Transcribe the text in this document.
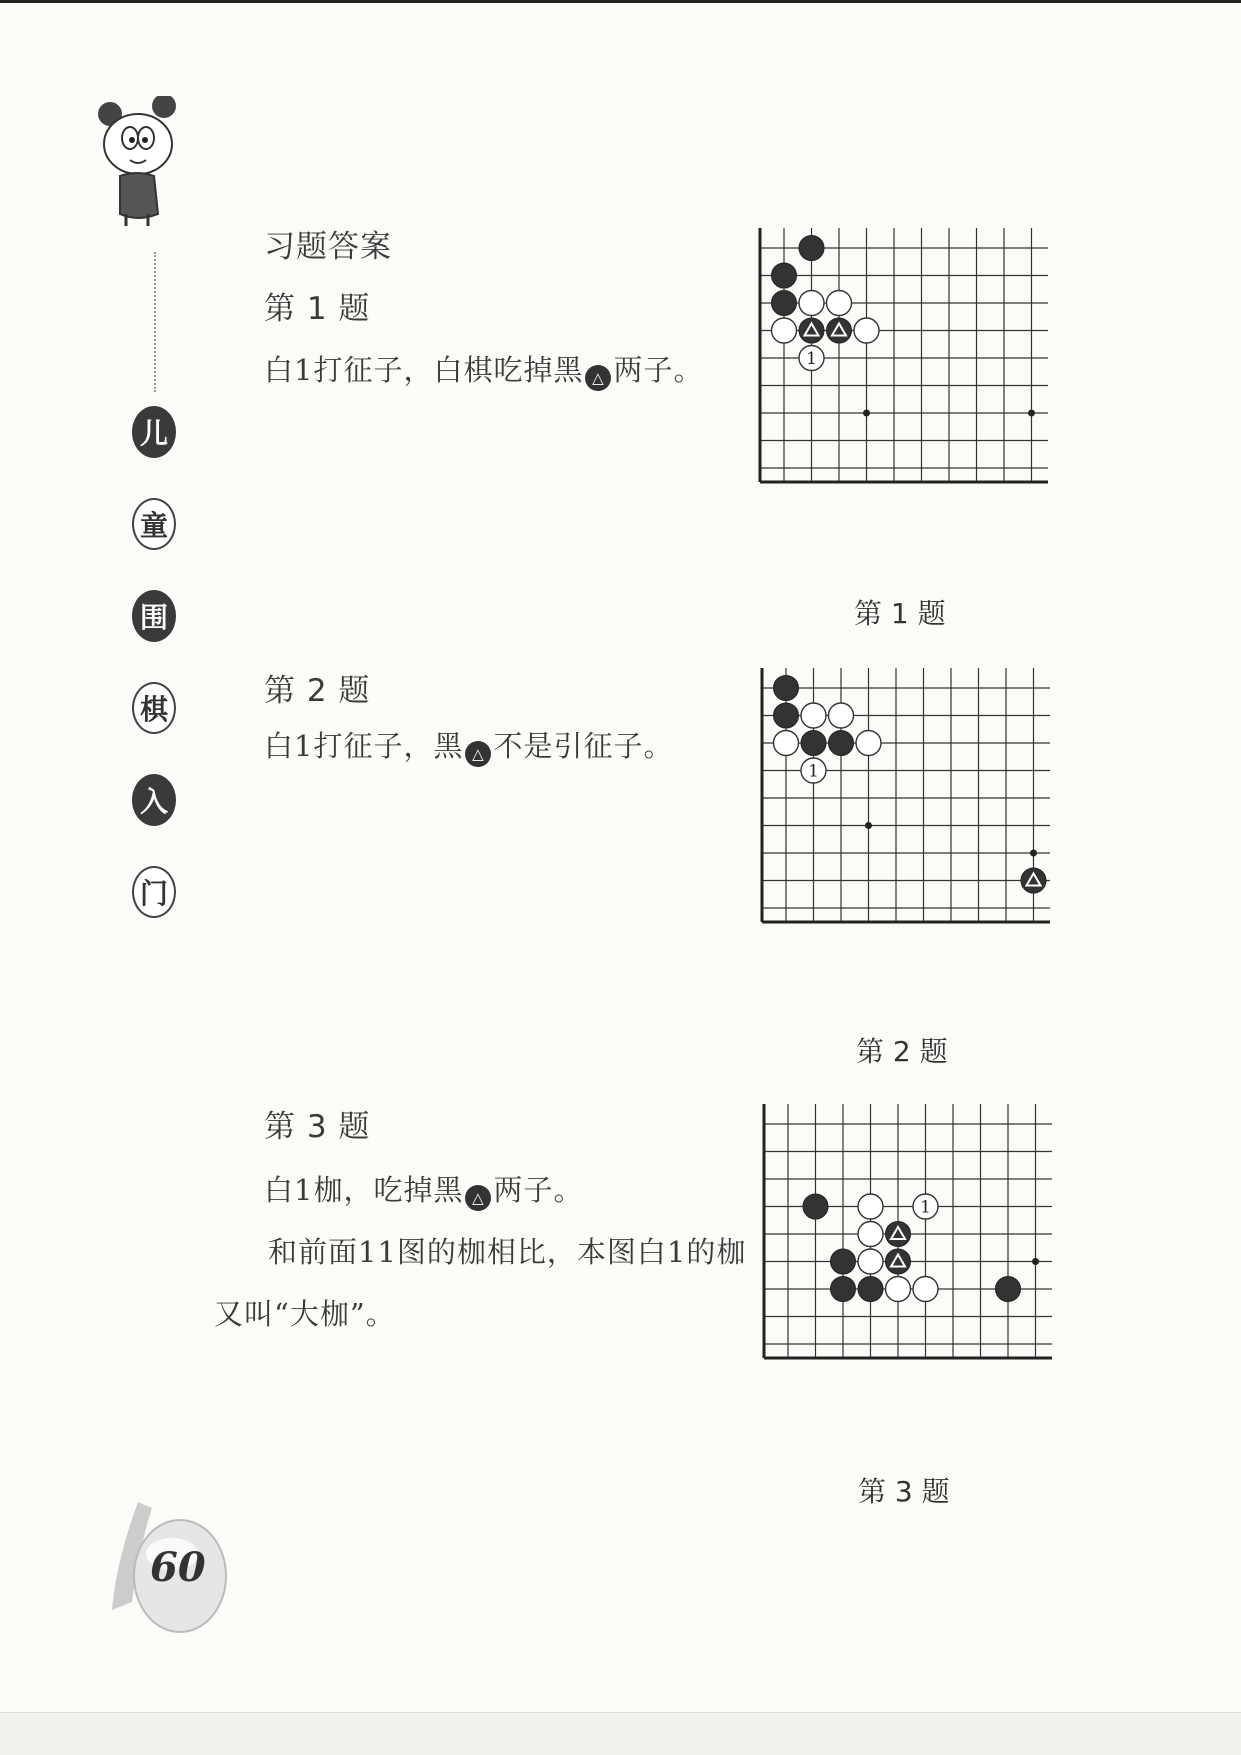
儿
童
围
棋
入
门
习题答案
第 1 题
白1打征子，白棋吃掉黑 △ 两子。
第 2 题
白1打征子，黑 △ 不是引征子。
第 3 题
白1枷，吃掉黑 △ 两子。
和前面11图的枷相比，本图白1的枷
又叫“大枷”。
1
第 1 题
1
第 2 题
1
第 3 题
60
